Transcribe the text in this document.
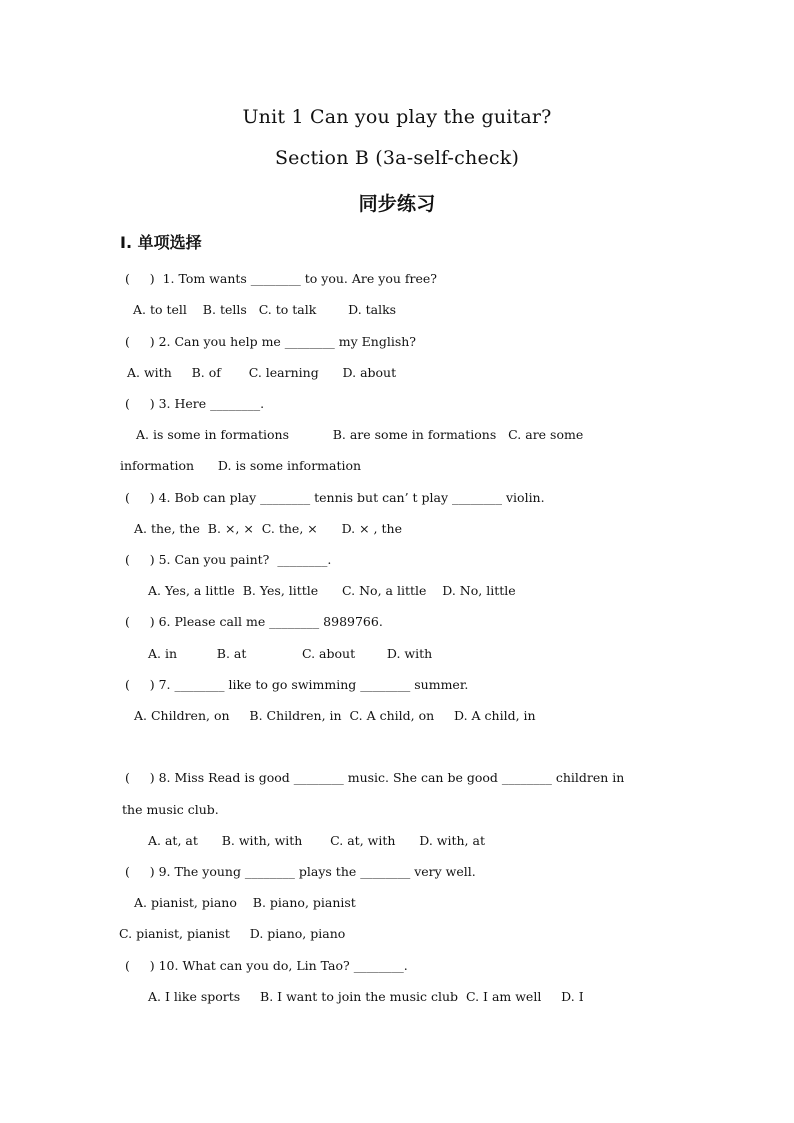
Unit 1 Can you play the guitar?
Section B (3a-self-check)
同步练习
I. 单项选择
(     )  1. Tom wants ________ to you. Are you free?
A. to tell    B. tells   C. to talk        D. talks
(     ) 2. Can you help me ________ my English?
A. with     B. of       C. learning      D. about
(     ) 3. Here ________.
A. is some in formations           B. are some in formations   C. are some
information      D. is some information
(     ) 4. Bob can play ________ tennis but can’ t play ________ violin.
A. the, the  B. ×, ×  C. the, ×      D. × , the
(     ) 5. Can you paint?  ________.
A. Yes, a little  B. Yes, little      C. No, a little    D. No, little
(     ) 6. Please call me ________ 8989766.
A. in          B. at              C. about        D. with
(     ) 7. ________ like to go swimming ________ summer.
A. Children, on     B. Children, in  C. A child, on     D. A child, in
(     ) 8. Miss Read is good ________ music. She can be good ________ children in
the music club.
A. at, at      B. with, with       C. at, with      D. with, at
(     ) 9. The young ________ plays the ________ very well.
A. pianist, piano    B. piano, pianist
C. pianist, pianist     D. piano, piano
(     ) 10. What can you do, Lin Tao? ________.
A. I like sports     B. I want to join the music club  C. I am well     D. I
